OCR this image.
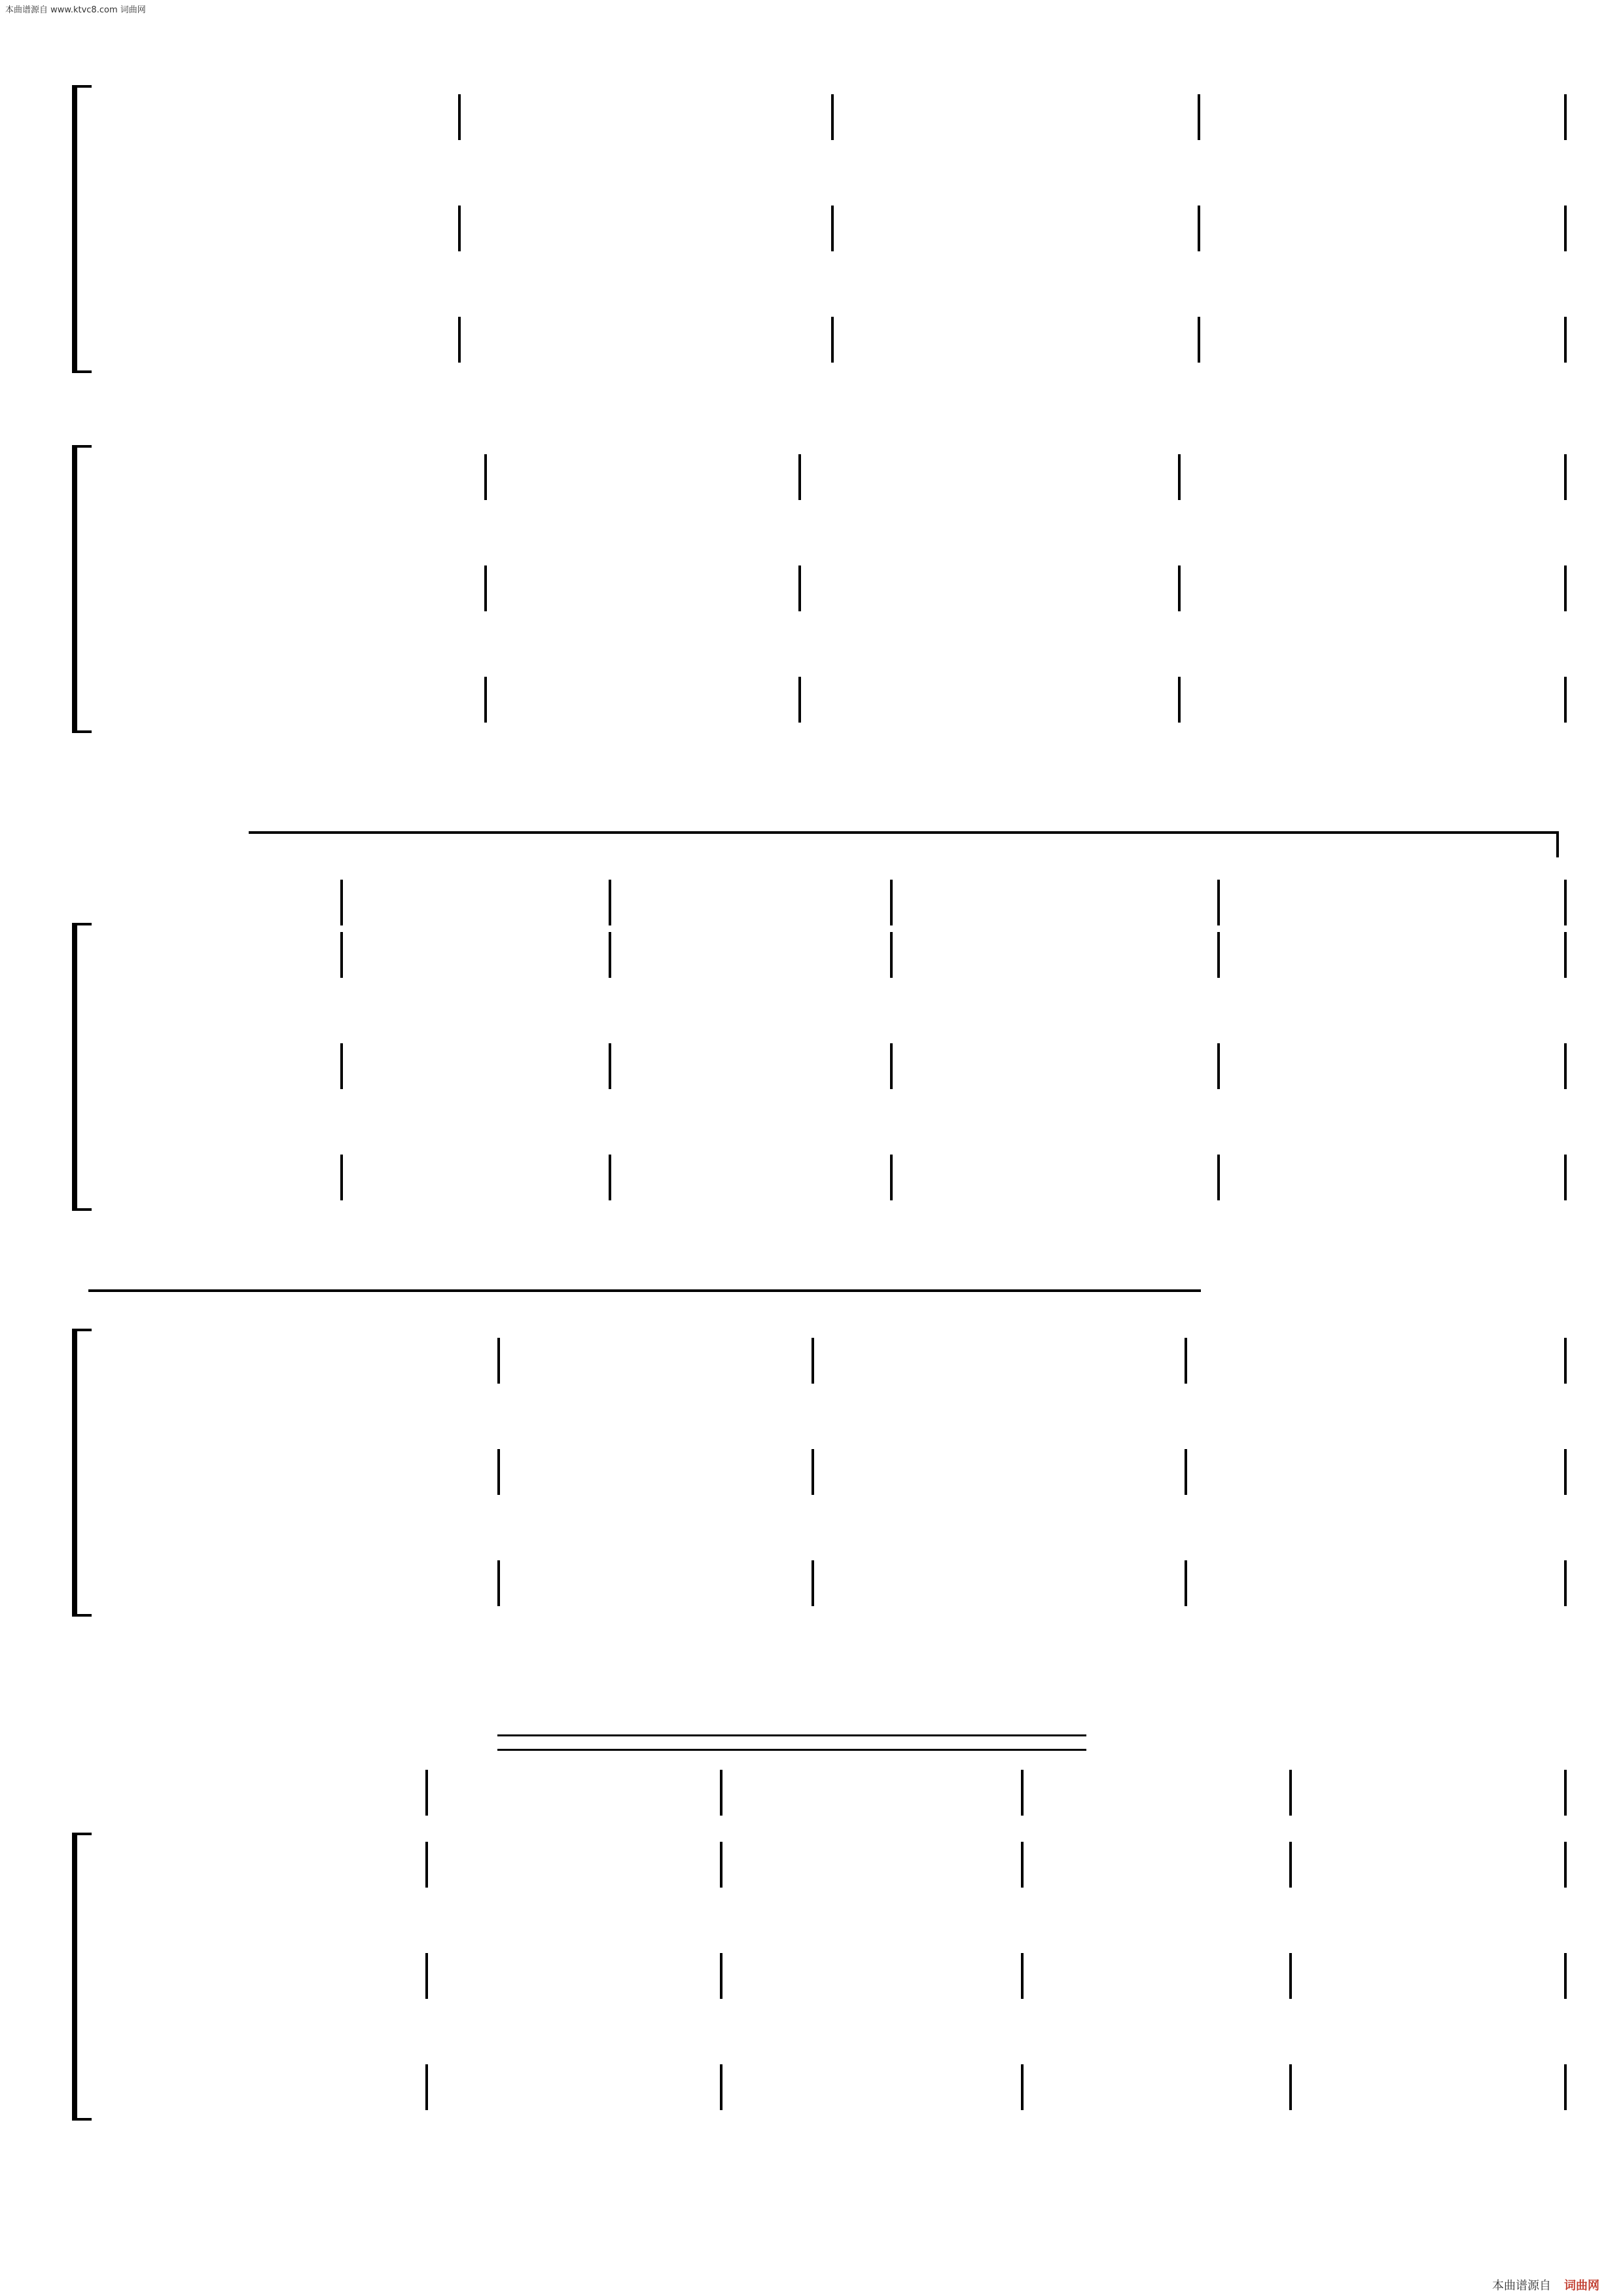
本曲谱源自 www.ktvc8.com 词曲网
本曲谱源自 词曲网
